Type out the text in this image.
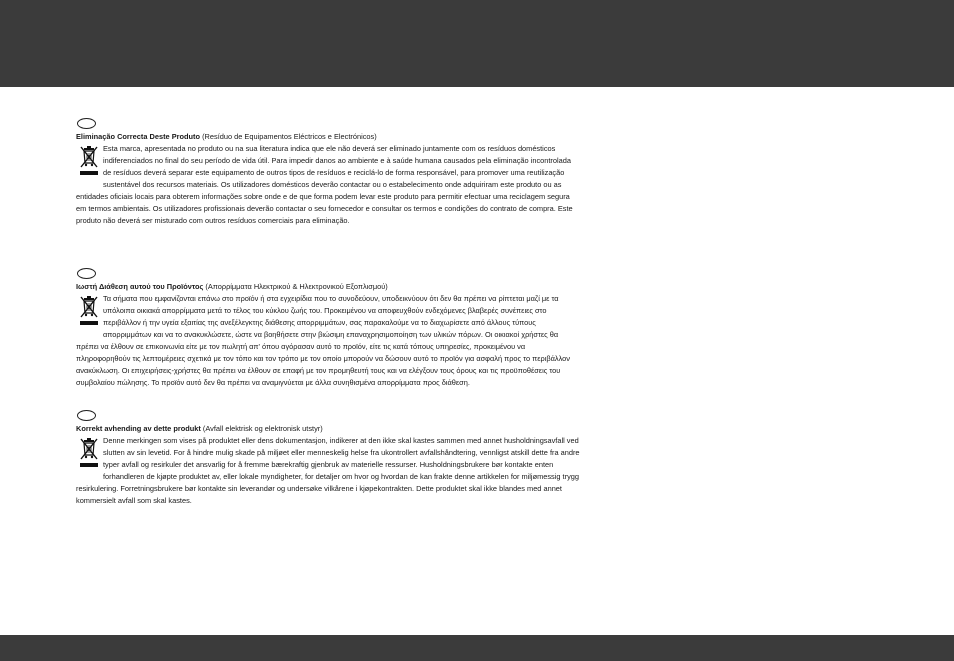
Eliminação Correcta Deste Produto (Resíduo de Equipamentos Eléctricos e Electrónicos)

Esta marca, apresentada no produto ou na sua literatura indica que ele não deverá ser eliminado juntamente com os resíduos domésticos indiferenciados no final do seu período de vida útil. Para impedir danos ao ambiente e à saúde humana causados pela eliminação incontrolada de resíduos deverá separar este equipamento de outros tipos de resíduos e reciclá-lo de forma responsável, para promover uma reutilização sustentável dos recursos materiais. Os utilizadores domésticos deverão contactar ou o estabelecimento onde adquiriram este produto ou as entidades oficiais locais para obterem informações sobre onde e de que forma podem levar este produto para permitir efectuar uma reciclagem segura em termos ambientais. Os utilizadores profissionais deverão contactar o seu fornecedor e consultar os termos e condições do contrato de compra. Este produto não deverá ser misturado com outros resíduos comerciais para eliminação.

Ιωστή Διάθεση αυτού του Προϊόντος (Απορρίμματα Ηλεκτρικού & Ηλεκτρονικού Εξοπλισμού)

Τα σήματα που εμφανίζονται επάνω στο προϊόν ή στα εγχειρίδια που το συνοδεύουν, υποδεικνύουν ότι δεν θα πρέπει να ρίπτεται μαζί με τα υπόλοιπα οικιακά απορρίμματα μετά το τέλος του κύκλου ζωής του. Προκειμένου να αποφευχθούν ενδεχόμενες βλαβερές συνέπειες στο περιβάλλον ή την υγεία εξαιτίας της ανεξέλεγκτης διάθεσης απορριμμάτων, σας παρακαλούμε να το διαχωρίσετε από άλλους τύπους απορριμμάτων και να το ανακυκλώσετε, ώστε να βοηθήσετε στην βιώσιμη επαναχρησιμοποίηση των υλικών πόρων. Οι οικιακοί χρήστες θα πρέπει να έλθουν σε επικοινωνία είτε με τον πωλητή απ' όπου αγόρασαν αυτό το προϊόν, είτε τις κατά τόπους υπηρεσίες, προκειμένου να πληροφορηθούν τις λεπτομέρειες σχετικά με τον τόπο και τον τρόπο με τον οποίο μπορούν να δώσουν αυτό το προϊόν για ασφαλή προς το περιβάλλον ανακύκλωση. Οι επιχειρήσεις-χρήστες θα πρέπει να έλθουν σε επαφή με τον προμηθευτή τους και να ελέγξουν τους όρους και τις προϋποθέσεις του συμβολαίου πώλησης. Το προϊόν αυτό δεν θα πρέπει να αναμιγνύεται με άλλα συνηθισμένα απορρίμματα προς διάθεση.

Korrekt avhending av dette produkt (Avfall elektrisk og elektronisk utstyr)

Denne merkingen som vises på produktet eller dens dokumentasjon, indikerer at den ikke skal kastes sammen med annet husholdningsavfall ved slutten av sin levetid. For å hindre mulig skade på miljøet eller menneskelig helse fra ukontrollert avfallshåndtering, vennligst atskill dette fra andre typer avfall og resirkuler det ansvarlig for å fremme bærekraftig gjenbruk av materielle ressurser. Husholdningsbrukere bør kontakte enten forhandleren de kjøpte produktet av, eller lokale myndigheter, for detaljer om hvor og hvordan de kan frakte denne artikkelen for miljømessig trygg resirkulering. Forretningsbrukere bør kontakte sin leverandør og undersøke vilkårene i kjøpekontrakten. Dette produktet skal ikke blandes med annet kommersielt avfall som skal kastes.
